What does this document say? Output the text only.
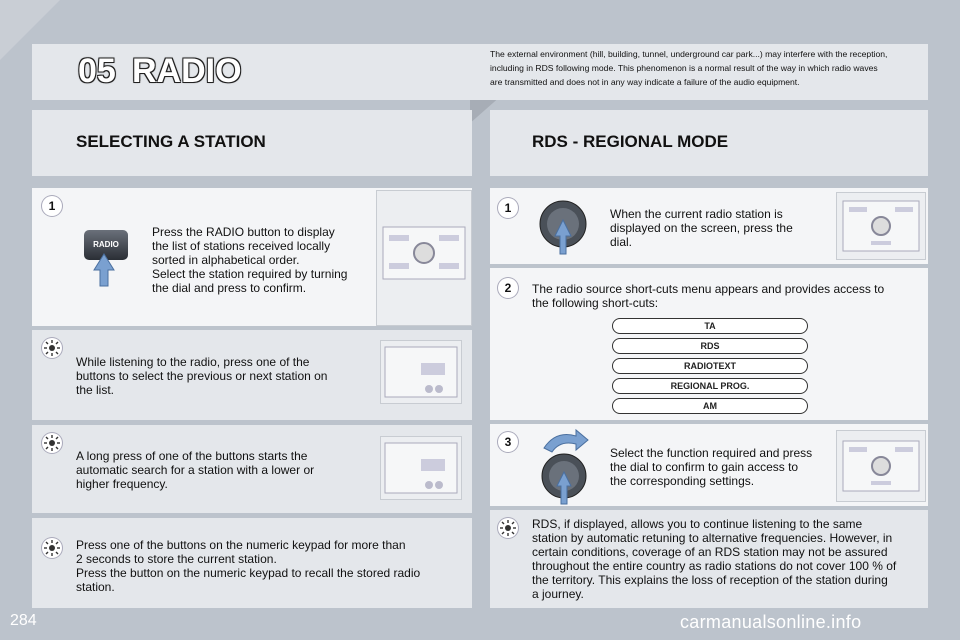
05 RADIO	The external environment (hill, building, tunnel, underground car park...) may interfere with the reception, including in RDS following mode. This phenomenon is a normal result of the way in which radio waves are transmitted and does not in any way indicate a failure of the audio equipment.
SELECTING A STATION	RDS - REGIONAL MODE
1
RADIO
Press the RADIO button to display
the list of stations received locally
sorted in alphabetical order.
Select the station required by turning
the dial and press to confirm.
While listening to the radio, press one of the
buttons to select the previous or next station on
the list.
A long press of one of the buttons starts the
automatic search for a station with a lower or
higher frequency.
Press one of the buttons on the numeric keypad for more than
2 seconds to store the current station.
Press the button on the numeric keypad to recall the stored radio
station.
1	When the current radio station is
displayed on the screen, press the
dial.
2	The radio source short-cuts menu appears and provides access to
the following short-cuts:
TA
RDS
RADIOTEXT
REGIONAL PROG.
AM
3
Select the function required and press
the dial to confirm to gain access to
the corresponding settings.
RDS, if displayed, allows you to continue listening to the same
station by automatic retuning to alternative frequencies. However, in
certain conditions, coverage of an RDS station may not be assured
throughout the entire country as radio stations do not cover 100 % of
the territory. This explains the loss of reception of the station during
a journey.
284	carmanualsonline.info
